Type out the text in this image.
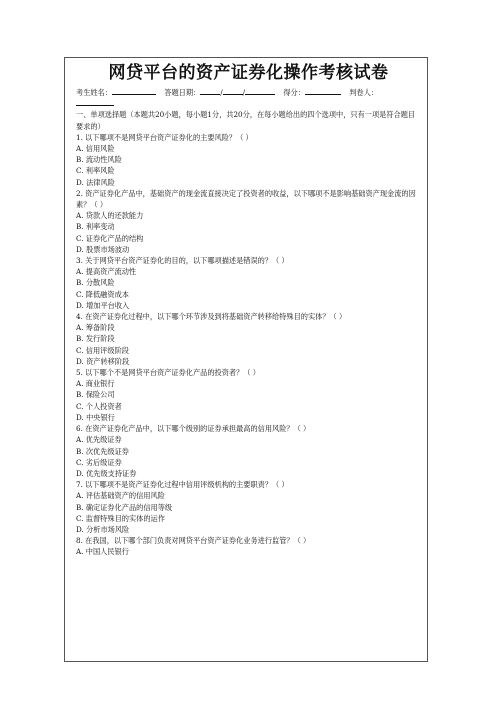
网贷平台的资产证券化操作考核试卷
考生姓名：	答题日期：	/	/	得分：	判卷人：
一、单项选择题（本题共20小题，每小题1分，共20分，在每小题给出的四个选项中，只有一项是符合题目要求的）
1. 以下哪项不是网贷平台资产证券化的主要风险？（ ）
A. 信用风险
B. 流动性风险
C. 利率风险
D. 法律风险
2. 资产证券化产品中，基础资产的现金流直接决定了投资者的收益，以下哪项不是影响基础资产现金流的因素？（ ）
A. 贷款人的还款能力
B. 利率变动
C. 证券化产品的结构
D. 股票市场波动
3. 关于网贷平台资产证券化的目的，以下哪项描述是错误的？（ ）
A. 提高资产流动性
B. 分散风险
C. 降低融资成本
D. 增加平台收入
4. 在资产证券化过程中，以下哪个环节涉及到将基础资产转移给特殊目的实体？（ ）
A. 筹备阶段
B. 发行阶段
C. 信用评级阶段
D. 资产转移阶段
5. 以下哪个不是网贷平台资产证券化产品的投资者？（ ）
A. 商业银行
B. 保险公司
C. 个人投资者
D. 中央银行
6. 在资产证券化产品中，以下哪个级别的证券承担最高的信用风险？（ ）
A. 优先级证券
B. 次优先级证券
C. 劣后级证券
D. 优先级支持证券
7. 以下哪项不是资产证券化过程中信用评级机构的主要职责？（ ）
A. 评估基础资产的信用风险
B. 确定证券化产品的信用等级
C. 监督特殊目的实体的运作
D. 分析市场风险
8. 在我国，以下哪个部门负责对网贷平台资产证券化业务进行监管？（ ）
A. 中国人民银行
